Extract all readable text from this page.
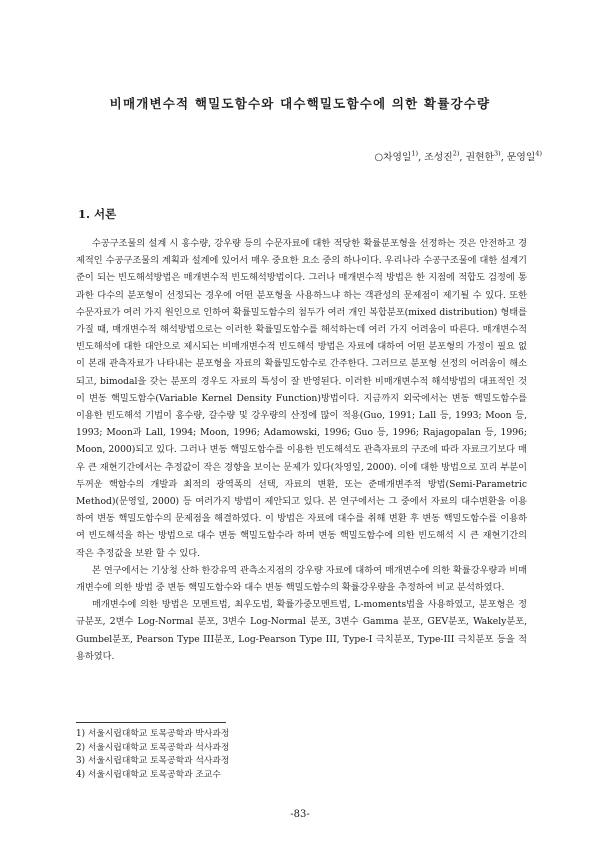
비매개변수적 핵밀도함수와 대수핵밀도함수에 의한 확률강수량
○차영일$^{1)}$, 조성진$^{2)}$, 권현한$^{3)}$, 문영일$^{4)}$
1. 서론

수공구조물의 설계 시 홍수량, 강우량 등의 수문자료에 대한 적당한 확률분포형을 선정하는 것은 안전하고 경제적인 수공구조물의 계획과 설계에 있어서 매우 중요한 요소 중의 하나이다. 우리나라 수공구조물에 대한 설계기준이 되는 빈도해석방법은 매개변수적 빈도해석방법이다. 그러나 매개변수적 방법은 한 지점에 적합도 검정에 통과한 다수의 분포형이 선정되는 경우에 어떤 분포형을 사용하느냐 하는 객관성의 문제점이 제기될 수 있다. 또한 수문자료가 여러 가지 원인으로 인하여 확률밀도함수의 첨두가 여러 개인 복합분포(mixed distribution) 형태를 가질 때, 매개변수적 해석방법으로는 이러한 확률밀도함수를 해석하는데 여러 가지 어려움이 따른다. 매개변수적 빈도해석에 대한 대안으로 제시되는 비매개변수적 빈도해석 방법은 자료에 대하여 어떤 분포형의 가정이 필요 없이 본래 관측자료가 나타내는 분포형을 자료의 확률밀도함수로 간주한다. 그러므로 분포형 선정의 어려움이 해소되고, bimodal을 갖는 분포의 경우도 자료의 특성이 잘 반영된다. 이러한 비매개변수적 해석방법의 대표적인 것이 변동 핵밀도함수(Variable Kernel Density Function)방법이다. 지금까지 외국에서는 변동 핵밀도함수를 이용한 빈도해석 기법이 홍수량, 갈수량 및 강우량의 산정에 많이 적용(Guo, 1991; Lall 등, 1993; Moon 등, 1993; Moon과 Lall, 1994; Moon, 1996; Adamowski, 1996; Guo 등, 1996; Rajagopalan 등, 1996; Moon, 2000)되고 있다. 그러나 변동 핵밀도함수를 이용한 빈도해석도 관측자료의 구조에 따라 자료크기보다 매우 큰 재현기간에서는 추정값이 작은 경향을 보이는 문제가 있다(차영일, 2000). 이에 대한 방법으로 꼬리 부분이 두꺼운 핵함수의 개발과 최적의 광역폭의 선택, 자료의 변환, 또는 준매개변주적 방법(Semi-Parametric Method)(문영일, 2000) 등 여러가지 방법이 제안되고 있다. 본 연구에서는 그 중에서 자료의 대수변환을 이용하여 변동 핵밀도함수의 문제점을 해결하였다. 이 방법은 자료에 대수를 취해 변환 후 변동 핵밀도함수를 이용하여 빈도해석을 하는 방법으로 대수 변동 핵밀도함수라 하며 변동 핵밀도함수에 의한 빈도해석 시 큰 재현기간의 작은 추정값을 보완 할 수 있다.

본 연구에서는 기상청 산하 한강유역 관측소지점의 강우량 자료에 대하여 매개변수에 의한 확률강우량과 비매개변수에 의한 방법 중 변동 핵밀도함수와 대수 변동 핵밀도함수의 확률강우량을 추정하여 비교 분석하였다.

매개변수에 의한 방법은 모멘트법, 최우도법, 확률가중모멘트법, L-moments법을 사용하였고, 분포형은 정규분포, 2변수 Log-Normal 분포, 3변수 Log-Normal 분포, 3변수 Gamma 분포, GEV분포, Wakely분포, Gumbel분포, Pearson Type III분포, Log-Pearson Type III, Type-I 극치분포, Type-III 극치분포 등을 적용하였다.

1) 서울시립대학교 토목공학과 박사과정
2) 서울시립대학교 토목공학과 석사과정
3) 서울시립대학교 토목공학과 석사과정
4) 서울시립대학교 토목공학과 조교수
-83-
